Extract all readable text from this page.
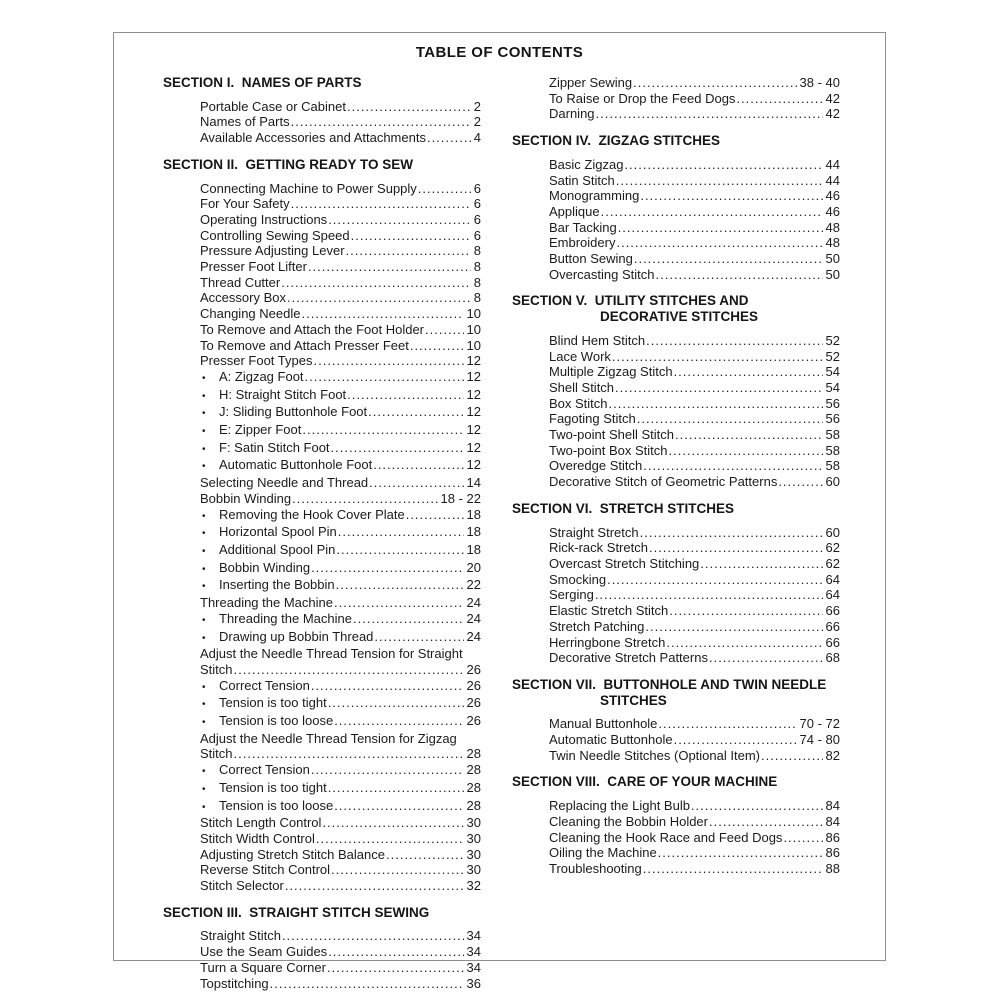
TABLE OF CONTENTS
SECTION I.  NAMES OF PARTS
Portable Case or Cabinet .....	2
Names of Parts .....	2
Available Accessories and Attachments .....	4
SECTION II.  GETTING READY TO SEW
Connecting Machine to Power Supply .....	6
For Your Safety .....	6
Operating Instructions .....	6
Controlling Sewing Speed .....	6
Pressure Adjusting Lever .....	8
Presser Foot Lifter .....	8
Thread Cutter .....	8
Accessory Box .....	8
Changing Needle .....	10
To Remove and Attach the Foot Holder .....	10
To Remove and Attach Presser Feet .....	10
Presser Foot Types .....	12
•	A: Zigzag Foot .....	12
•	H: Straight Stitch Foot .....	12
•	J: Sliding Buttonhole Foot .....	12
•	E: Zipper Foot .....	12
•	F: Satin Stitch Foot .....	12
•	Automatic Buttonhole Foot .....	12
Selecting Needle and Thread .....	14
Bobbin Winding .....	18 - 22
•	Removing the Hook Cover Plate .....	18
•	Horizontal Spool Pin .....	18
•	Additional Spool Pin .....	18
•	Bobbin Winding .....	20
•	Inserting the Bobbin .....	22
Threading the Machine .....	24
•	Threading the Machine .....	24
•	Drawing up Bobbin Thread .....	24
Adjust the Needle Thread Tension for Straight
Stitch .....	26
•	Correct Tension .....	26
•	Tension is too tight .....	26
•	Tension is too loose .....	26
Adjust the Needle Thread Tension for Zigzag
Stitch .....	28
•	Correct Tension .....	28
•	Tension is too tight .....	28
•	Tension is too loose .....	28
Stitch Length Control .....	30
Stitch Width Control .....	30
Adjusting Stretch Stitch Balance .....	30
Reverse Stitch Control .....	30
Stitch Selector .....	32
SECTION III.  STRAIGHT STITCH SEWING
Straight Stitch .....	34
Use the Seam Guides .....	34
Turn a Square Corner .....	34
Topstitching .....	36
Zipper Sewing .....	38 - 40
To Raise or Drop the Feed Dogs .....	42
Darning .....	42
SECTION IV.  ZIGZAG STITCHES
Basic Zigzag .....	44
Satin Stitch .....	44
Monogramming .....	46
Applique .....	46
Bar Tacking .....	48
Embroidery .....	48
Button Sewing .....	50
Overcasting Stitch .....	50
SECTION V.  UTILITY STITCHES AND
DECORATIVE STITCHES
Blind Hem Stitch .....	52
Lace Work .....	52
Multiple Zigzag Stitch .....	54
Shell Stitch .....	54
Box Stitch .....	56
Fagoting Stitch .....	56
Two-point Shell Stitch .....	58
Two-point Box Stitch .....	58
Overedge Stitch .....	58
Decorative Stitch of Geometric Patterns .....	60
SECTION VI.  STRETCH STITCHES
Straight Stretch .....	60
Rick-rack Stretch .....	62
Overcast Stretch Stitching .....	62
Smocking .....	64
Serging .....	64
Elastic Stretch Stitch .....	66
Stretch Patching .....	66
Herringbone Stretch .....	66
Decorative Stretch Patterns .....	68
SECTION VII.  BUTTONHOLE AND TWIN NEEDLE
STITCHES
Manual Buttonhole .....	70 - 72
Automatic Buttonhole .....	74 - 80
Twin Needle Stitches (Optional Item) .....	82
SECTION VIII.  CARE OF YOUR MACHINE
Replacing the Light Bulb .....	84
Cleaning the Bobbin Holder .....	84
Cleaning the Hook Race and Feed Dogs .....	86
Oiling the Machine .....	86
Troubleshooting .....	88
